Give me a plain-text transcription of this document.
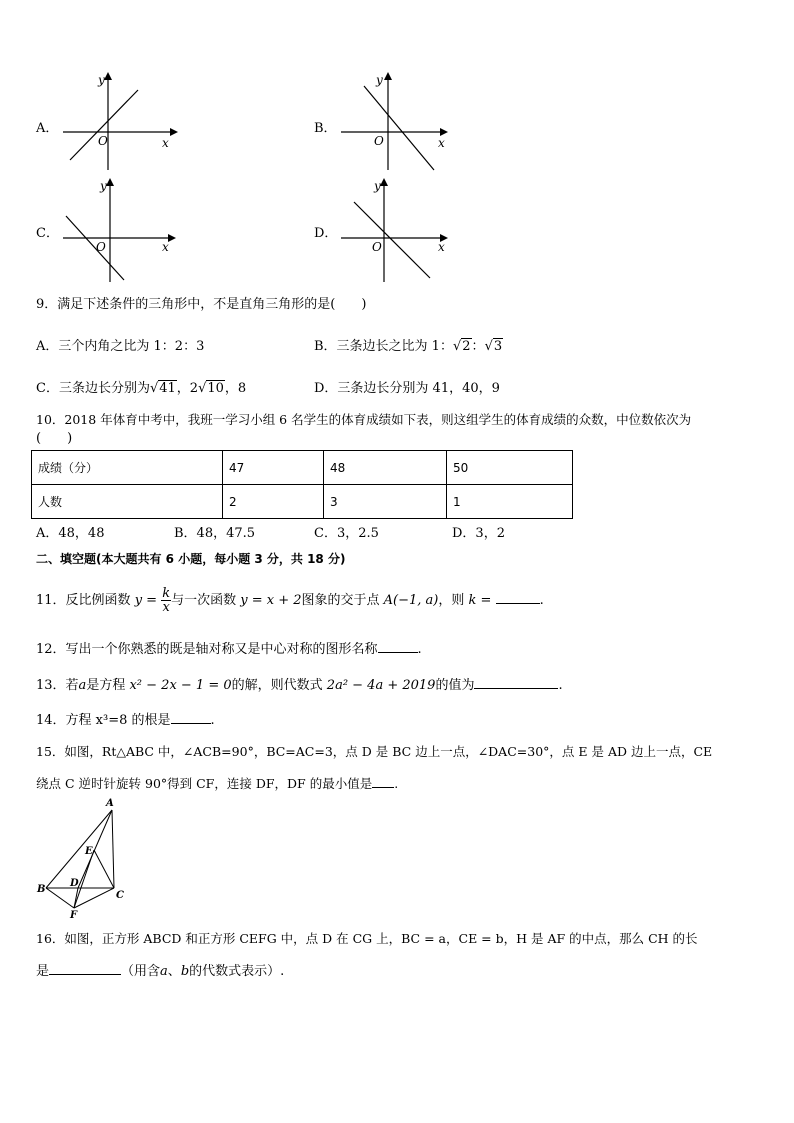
A．
y
O	x
B．
y
O	x
C．
y
O	x
D．
y
O	x
9．满足下述条件的三角形中，不是直角三角形的是(　　)
A．三个内角之比为 1：2：3	B．三条边长之比为 1：√2：√3
C．三条边长分别为√41，2√10，8	D．三条边长分别为 41，40，9
10．2018 年体育中考中，我班一学习小组 6 名学生的体育成绩如下表，则这组学生的体育成绩的众数，中位数依次为
(　　)
成绩（分）	47	48	50
人数	2	3	1
A．48，48	B．48，47.5	C．3，2.5	D．3，2
二、填空题(本大题共有 6 小题，每小题 3 分，共 18 分)
11．反比例函数 $y = \frac{k}{x}$ 与一次函数 y = x + 2图象的交于点 A(−1, a)，则 k =	.
12．写出一个你熟悉的既是轴对称又是中心对称的图形名称	.
13．若a是方程 x² − 2x − 1 = 0的解，则代数式 2a² − 4a + 2019的值为	.
14．方程 x³=8 的根是	.
15．如图，Rt△ABC 中，∠ACB=90°，BC=AC=3，点 D 是 BC 边上一点，∠DAC=30°，点 E 是 AD 边上一点，CE
绕点 C 逆时针旋转 90°得到 CF，连接 DF，DF 的最小值是 .
A
B
C
D
E
F
16．如图，正方形 ABCD 和正方形 CEFG 中，点 D 在 CG 上，BC = a，CE = b，H 是 AF 的中点，那么 CH 的长
是	（用含a、b的代数式表示）.
